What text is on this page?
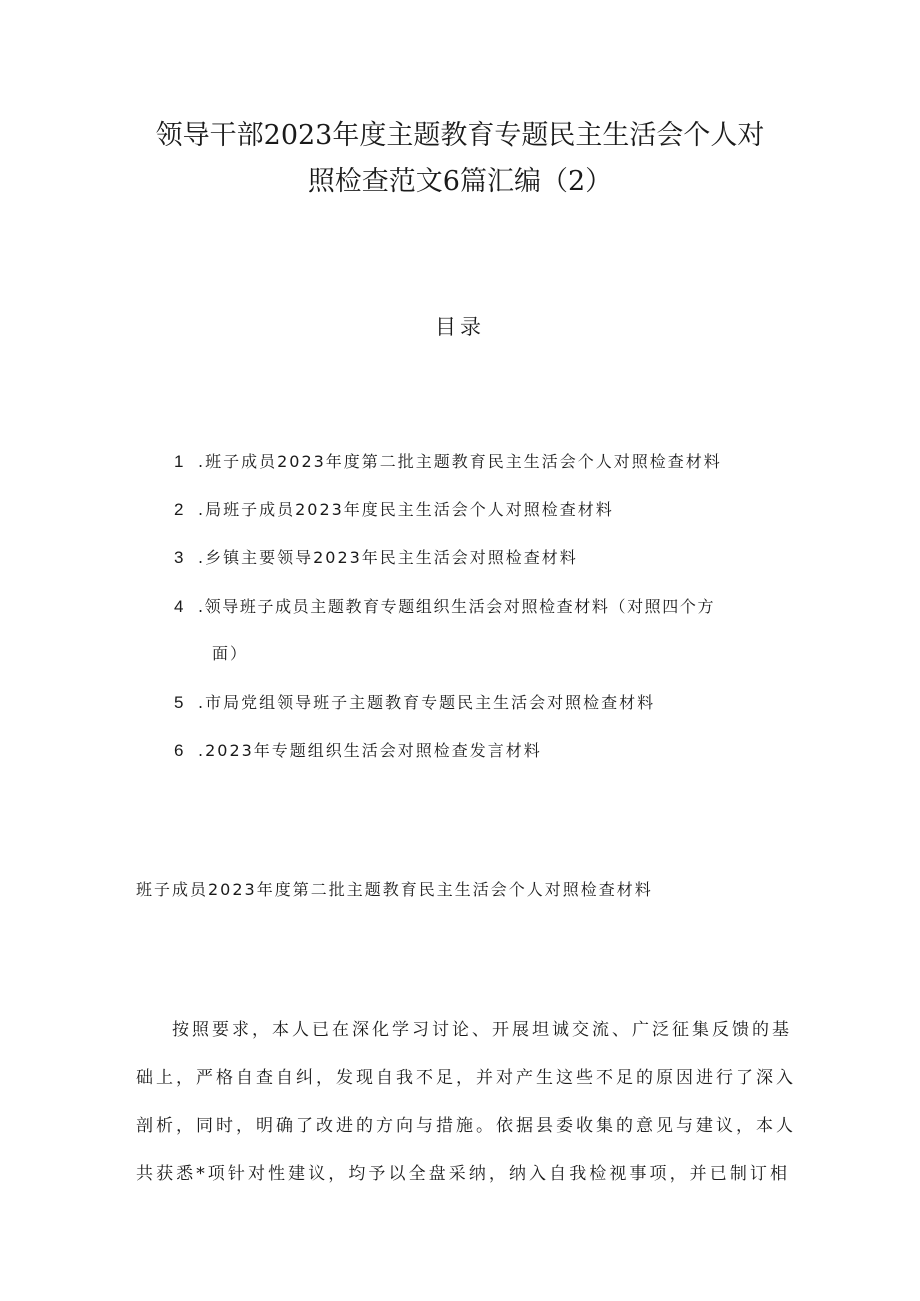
领导干部2023年度主题教育专题民主生活会个人对
照检查范文6篇汇编（2）
目录
1 .班子成员2023年度第二批主题教育民主生活会个人对照检查材料
2 .局班子成员2023年度民主生活会个人对照检查材料
3 .乡镇主要领导2023年民主生活会对照检查材料
4 .领导班子成员主题教育专题组织生活会对照检查材料（对照四个方
面）
5 .市局党组领导班子主题教育专题民主生活会对照检查材料
6 .2023年专题组织生活会对照检查发言材料
班子成员2023年度第二批主题教育民主生活会个人对照检查材料
按照要求，本人已在深化学习讨论、开展坦诚交流、广泛征集反馈的基
础上，严格自查自纠，发现自我不足，并对产生这些不足的原因进行了深入
剖析，同时，明确了改进的方向与措施。依据县委收集的意见与建议，本人
共获悉*项针对性建议，均予以全盘采纳，纳入自我检视事项，并已制订相
